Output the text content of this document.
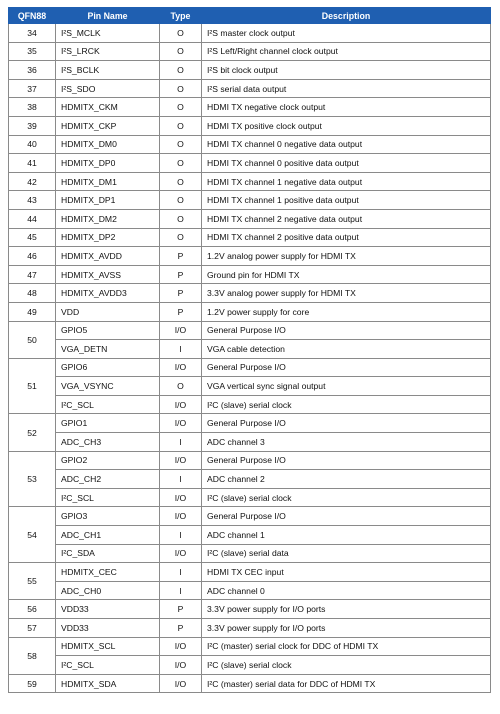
QFN88	Pin Name	Type	Description
34	I²S_MCLK	O	I²S master clock output
35	I²S_LRCK	O	I²S Left/Right channel clock output
36	I²S_BCLK	O	I²S bit clock output
37	I²S_SDO	O	I²S serial data output
38	HDMITX_CKM	O	HDMI TX negative clock output
39	HDMITX_CKP	O	HDMI TX positive clock output
40	HDMITX_DM0	O	HDMI TX channel 0 negative data output
41	HDMITX_DP0	O	HDMI TX channel 0 positive data output
42	HDMITX_DM1	O	HDMI TX channel 1 negative data output
43	HDMITX_DP1	O	HDMI TX channel 1 positive data output
44	HDMITX_DM2	O	HDMI TX channel 2 negative data output
45	HDMITX_DP2	O	HDMI TX channel 2 positive data output
46	HDMITX_AVDD	P	1.2V analog power supply for HDMI TX
47	HDMITX_AVSS	P	Ground pin for HDMI TX
48	HDMITX_AVDD3	P	3.3V analog power supply for HDMI TX
49	VDD	P	1.2V power supply for core
50	GPIO5	I/O	General Purpose I/O
	VGA_DETN	I	VGA cable detection
51	GPIO6	I/O	General Purpose I/O
	VGA_VSYNC	O	VGA vertical sync signal output
	I²C_SCL	I/O	I²C (slave) serial clock
52	GPIO1	I/O	General Purpose I/O
	ADC_CH3	I	ADC channel 3
53	GPIO2	I/O	General Purpose I/O
	ADC_CH2	I	ADC channel 2
	I²C_SCL	I/O	I²C (slave) serial clock
54	GPIO3	I/O	General Purpose I/O
	ADC_CH1	I	ADC channel 1
	I²C_SDA	I/O	I²C (slave) serial data
55	HDMITX_CEC	I	HDMI TX CEC input
	ADC_CH0	I	ADC channel 0
56	VDD33	P	3.3V power supply for I/O ports
57	VDD33	P	3.3V power supply for I/O ports
58	HDMITX_SCL	I/O	I²C (master) serial clock for DDC of HDMI TX
	I²C_SCL	I/O	I²C (slave) serial clock
59	HDMITX_SDA	I/O	I²C (master) serial data for DDC of HDMI TX
